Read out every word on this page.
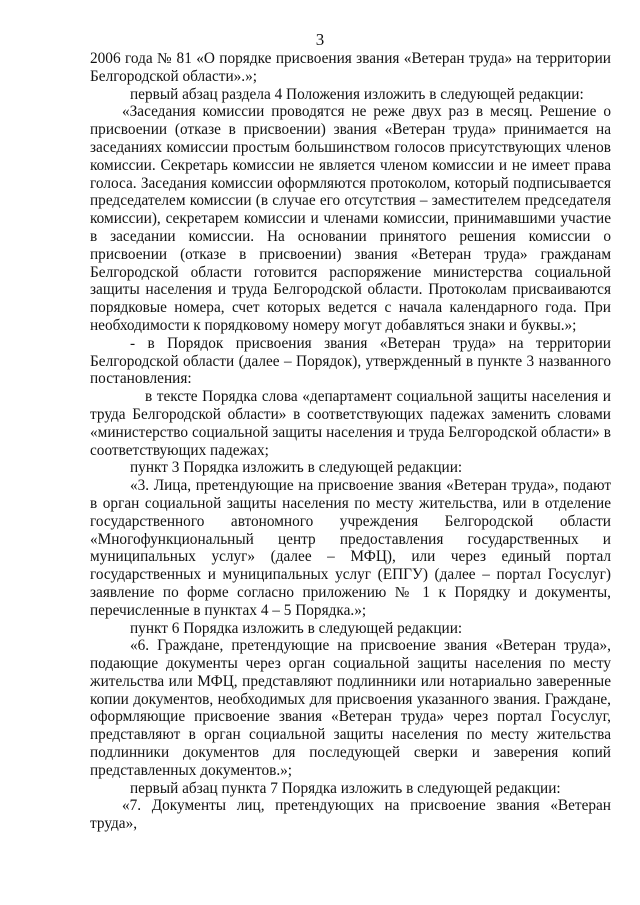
3

2006 года № 81 «О порядке присвоения звания «Ветеран труда» на территории Белгородской области».»;

первый абзац раздела 4 Положения изложить в следующей редакции:

«Заседания комиссии проводятся не реже двух раз в месяц. Решение о присвоении (отказе в присвоении) звания «Ветеран труда» принимается на заседаниях комиссии простым большинством голосов присутствующих членов комиссии. Секретарь комиссии не является членом комиссии и не имеет права голоса. Заседания комиссии оформляются протоколом, который подписывается председателем комиссии (в случае его отсутствия – заместителем председателя комиссии), секретарем комиссии и членами комиссии, принимавшими участие в заседании комиссии. На основании принятого решения комиссии о присвоении (отказе в присвоении) звания «Ветеран труда» гражданам Белгородской области готовится распоряжение министерства социальной защиты населения и труда Белгородской области. Протоколам присваиваются порядковые номера, счет которых ведется с начала календарного года. При необходимости к порядковому номеру могут добавляться знаки и буквы.»;

- в Порядок присвоения звания «Ветеран труда» на территории Белгородской области (далее – Порядок), утвержденный в пункте 3 названного постановления:

в тексте Порядка слова «департамент социальной защиты населения и труда Белгородской области» в соответствующих падежах заменить словами «министерство социальной защиты населения и труда Белгородской области» в соответствующих падежах;

пункт 3 Порядка изложить в следующей редакции:

«3. Лица, претендующие на присвоение звания «Ветеран труда», подают в орган социальной защиты населения по месту жительства, или в отделение государственного автономного учреждения Белгородской области «Многофункциональный центр предоставления государственных и муниципальных услуг» (далее – МФЦ), или через единый портал государственных и муниципальных услуг (ЕПГУ) (далее – портал Госуслуг) заявление по форме согласно приложению № 1 к Порядку и документы, перечисленные в пунктах 4 – 5 Порядка.»;

пункт 6 Порядка изложить в следующей редакции:

«6. Граждане, претендующие на присвоение звания «Ветеран труда», подающие документы через орган социальной защиты населения по месту жительства или МФЦ, представляют подлинники или нотариально заверенные копии документов, необходимых для присвоения указанного звания. Граждане, оформляющие присвоение звания «Ветеран труда» через портал Госуслуг, представляют в орган социальной защиты населения по месту жительства подлинники документов для последующей сверки и заверения копий представленных документов.»;

первый абзац пункта 7 Порядка изложить в следующей редакции:

«7. Документы лиц, претендующих на присвоение звания «Ветеран труда»,
